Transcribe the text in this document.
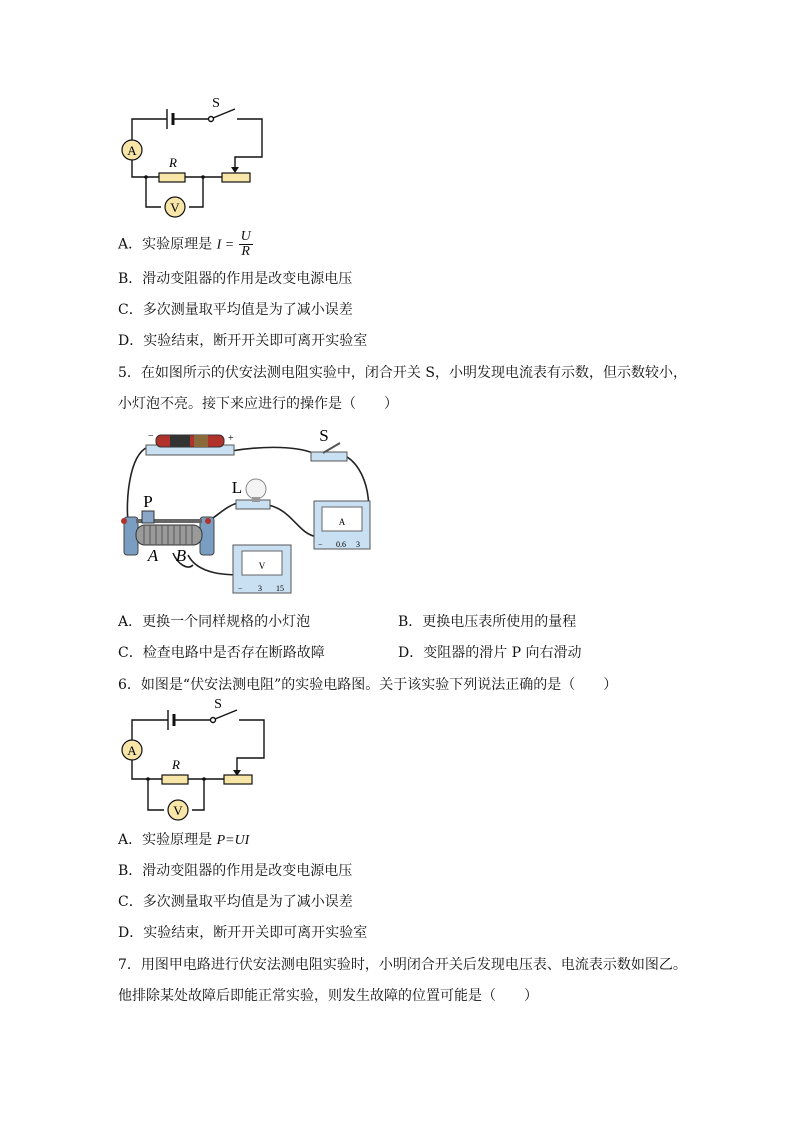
A
R
V
S
A．实验原理是 $I = \frac{U}{R}$
B．滑动变阻器的作用是改变电源电压
C．多次测量取平均值是为了减小误差
D．实验结束，断开开关即可离开实验室
5．在如图所示的伏安法测电阻实验中，闭合开关 S，小明发现电流表有示数，但示数较小，
小灯泡不亮。接下来应进行的操作是（　　）
−	+	S
L
P
A B
A
− 0.6 3
V
− 3 15
A．更换一个同样规格的小灯泡	B．更换电压表所使用的量程
C．检查电路中是否存在断路故障	D．变阻器的滑片 P 向右滑动
6．如图是“伏安法测电阻”的实验电路图。关于该实验下列说法正确的是（　　）
A
R
V
S
A．实验原理是 P=UI
B．滑动变阻器的作用是改变电源电压
C．多次测量取平均值是为了减小误差
D．实验结束，断开开关即可离开实验室
7．用图甲电路进行伏安法测电阻实验时，小明闭合开关后发现电压表、电流表示数如图乙。
他排除某处故障后即能正常实验，则发生故障的位置可能是（　　）
